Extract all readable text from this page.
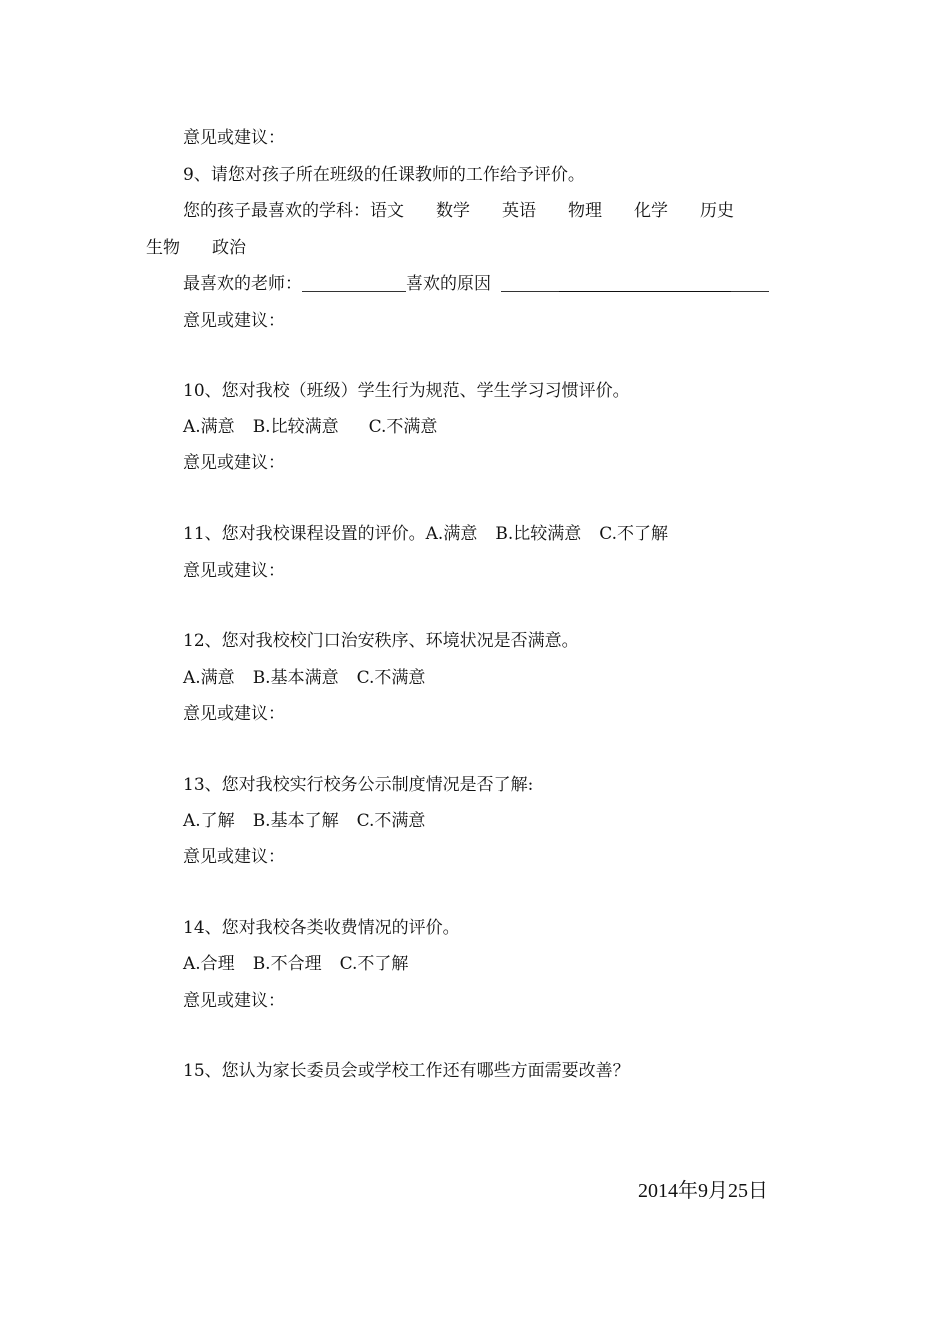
意见或建议：
9、请您对孩子所在班级的任课教师的工作给予评价。
您的孩子最喜欢的学科：语文 数学 英语 物理 化学 历史
生物 政治
最喜欢的老师：	喜欢的原因
意见或建议：
10、您对我校（班级）学生行为规范、学生学习习惯评价。
A.满意 B.比较满意 C.不满意
意见或建议：
11、您对我校课程设置的评价。A.满意 B.比较满意 C.不了解
意见或建议：
12、您对我校校门口治安秩序、环境状况是否满意。
A.满意 B.基本满意 C.不满意
意见或建议：
13、您对我校实行校务公示制度情况是否了解:
A.了解 B.基本了解 C.不满意
意见或建议：
14、您对我校各类收费情况的评价。
A.合理 B.不合理 C.不了解
意见或建议：
15、您认为家长委员会或学校工作还有哪些方面需要改善？
2014年9月25日
